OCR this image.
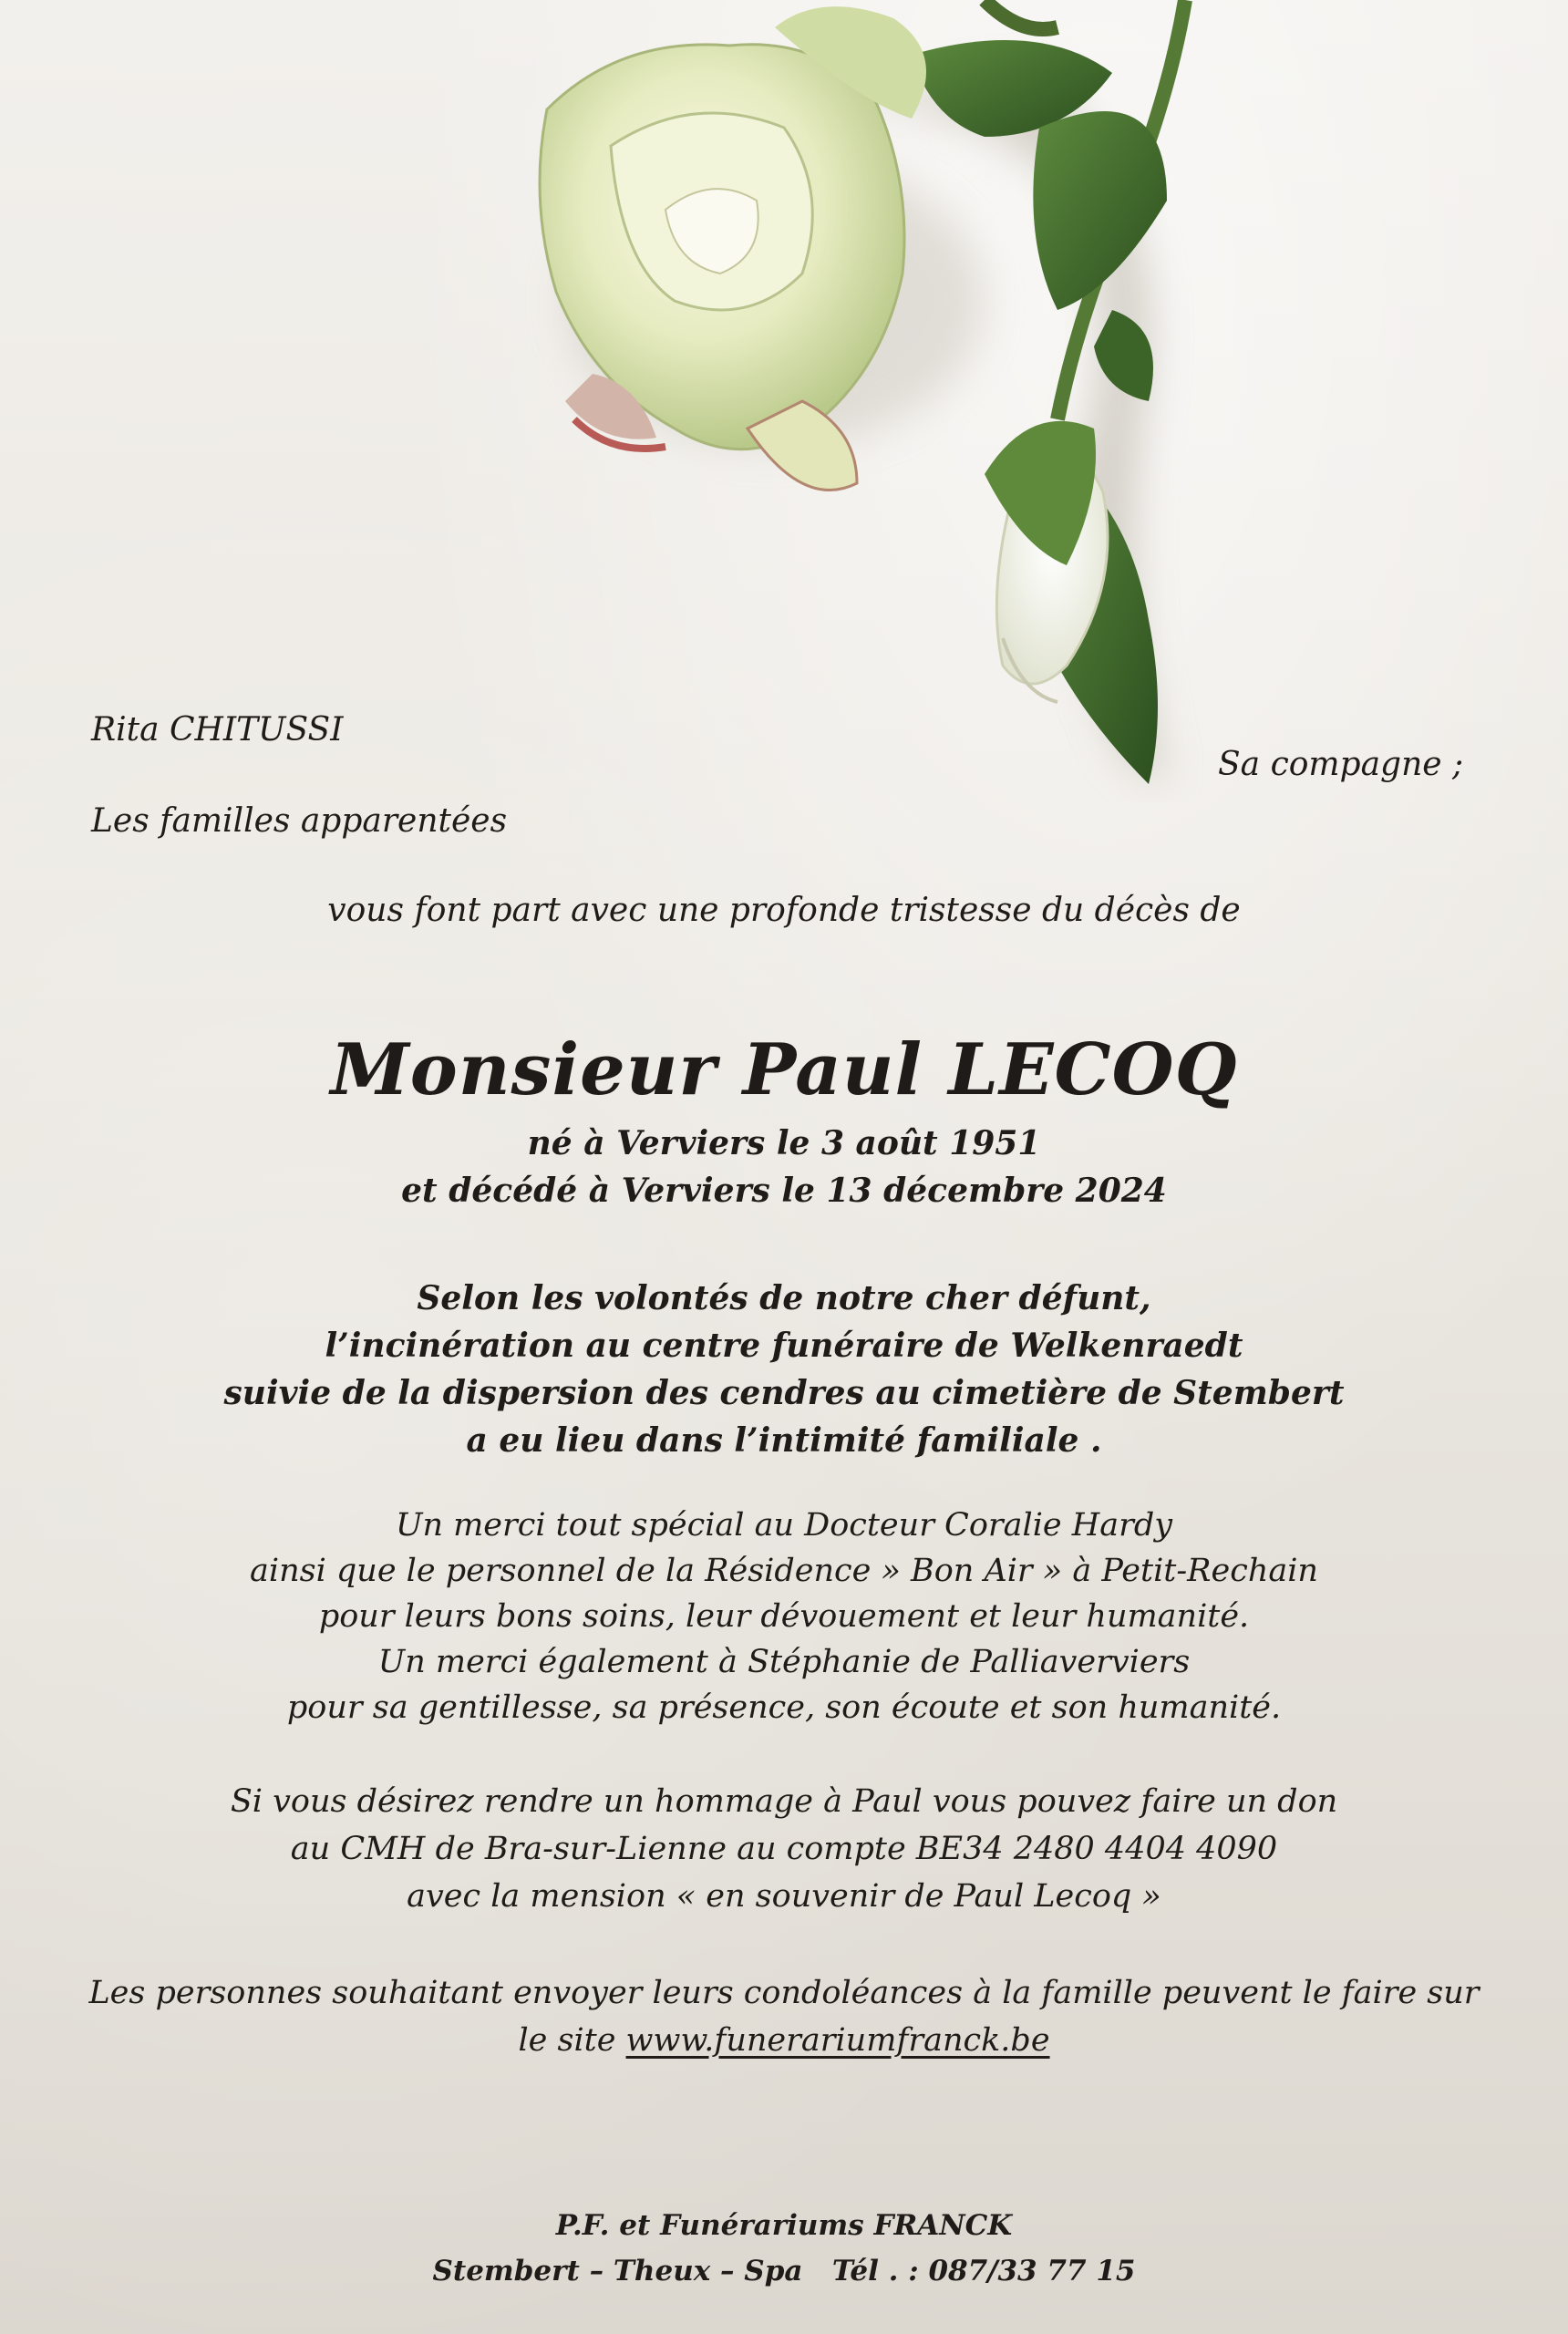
Rita CHITUSSI
Sa compagne ;
Les familles apparentées
vous font part avec une profonde tristesse du décès de
Monsieur Paul LECOQ
né à Verviers le 3 août 1951
et décédé à Verviers le 13 décembre 2024
Selon les volontés de notre cher défunt,
l’incinération au centre funéraire de Welkenraedt
suivie de la dispersion des cendres au cimetière de Stembert
a eu lieu dans l’intimité familiale .
Un merci tout spécial au Docteur Coralie Hardy
ainsi que le personnel de la Résidence » Bon Air » à Petit-Rechain
pour leurs bons soins, leur dévouement et leur humanité.
Un merci également à Stéphanie de Palliaverviers
pour sa gentillesse, sa présence, son écoute et son humanité.
Si vous désirez rendre un hommage à Paul vous pouvez faire un don
au CMH de Bra-sur-Lienne au compte BE34 2480 4404 4090
avec la mension « en souvenir de Paul Lecoq »
Les personnes souhaitant envoyer leurs condoléances à la famille peuvent le faire sur
le site www.funerariumfranck.be
P.F. et Funérariums FRANCK
Stembert – Theux – Spa   Tél . : 087/33 77 15
